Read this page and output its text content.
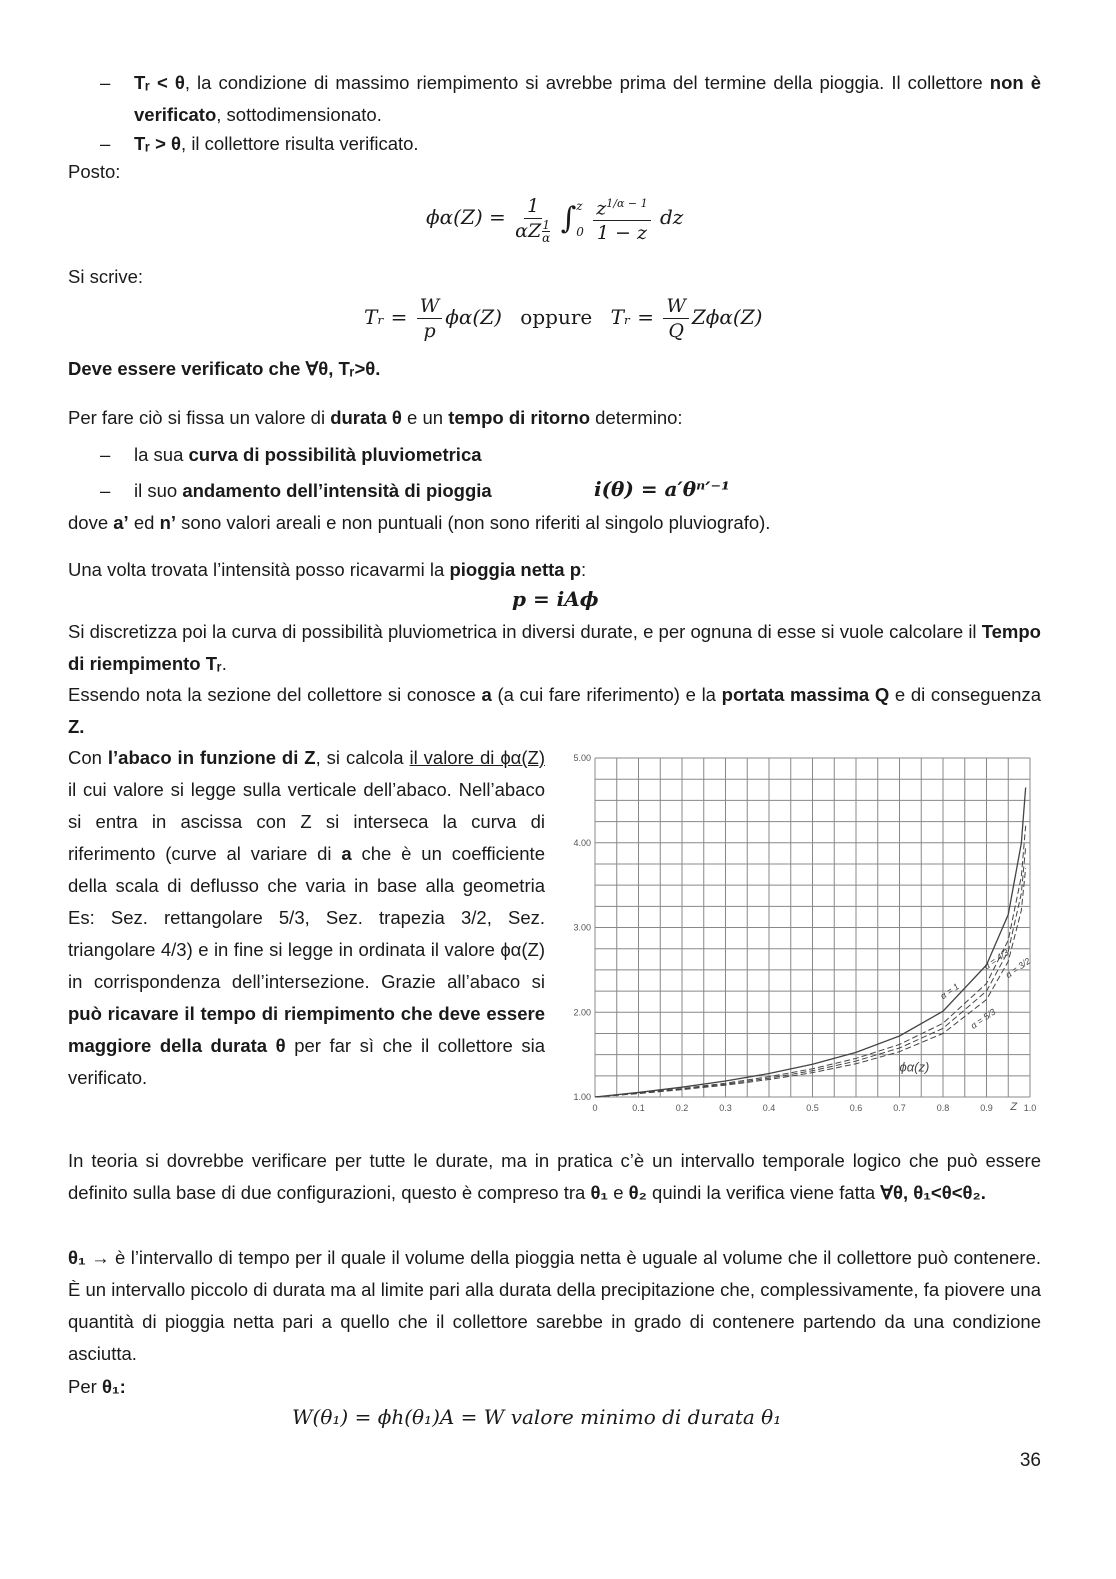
– Tᵣ < θ, la condizione di massimo riempimento si avrebbe prima del termine della pioggia. Il collettore non è verificato, sottodimensionato.
– Tᵣ > θ, il collettore risulta verificato.
Posto:
$\phi\alpha(Z) = \frac{1}{\alpha Z \frac{1}{\alpha}}$ ∫ z
0
$\frac{z^{1/\alpha - 1}}{1 - z}$ dz
Si scrive:
Tᵣ = $\frac{W}{p} \phi\alpha(Z)$ oppure Tᵣ = $\frac{W}{Q} Z\phi\alpha(Z)$
Deve essere verificato che ∀θ, Tᵣ>θ.
Per fare ciò si fissa un valore di durata θ e un tempo di ritorno determino:
– la sua curva di possibilità pluviometrica
– il suo andamento dell’intensità di pioggia	i(θ) = a′θⁿ′⁻¹
dove a’ ed n’ sono valori areali e non puntuali (non sono riferiti al singolo pluviografo).
Una volta trovata l’intensità posso ricavarmi la pioggia netta p:
p = iAϕ
Si discretizza poi la curva di possibilità pluviometrica in diversi durate, e per ognuna di esse si vuole calcolare il Tempo di riempimento Tᵣ.
Essendo nota la sezione del collettore si conosce a (a cui fare riferimento) e la portata massima Q e di conseguenza Z.
Con l’abaco in funzione di Z, si calcola il valore di ϕα(Z) il cui valore si legge sulla verticale dell’abaco. Nell’abaco si entra in ascissa con Z si interseca la curva di riferimento (curve al variare di a che è un coefficiente della scala di deflusso che varia in base alla geometria Es: Sez. rettangolare 5/3, Sez. trapezia 3/2, Sez. triangolare 4/3) e in fine si legge in ordinata il valore ϕα(Z) in corrispondenza dell’intersezione. Grazie all’abaco si può ricavare il tempo di riempimento che deve essere maggiore della durata θ per far sì che il collettore sia verificato.
0	0.1	0.2	0.3	0.4	0.5	0.6	0.7	0.8	0.9	1.0
1.00
2.00
3.00
4.00
5.00
Z
α = 1
α = 4/3
α = 3/2
α = 5/3
ϕα(z)
In teoria si dovrebbe verificare per tutte le durate, ma in pratica c’è un intervallo temporale logico che può essere definito sulla base di due configurazioni, questo è compreso tra θ₁ e θ₂ quindi la verifica viene fatta ∀θ, θ₁<θ<θ₂.
θ₁ → è l’intervallo di tempo per il quale il volume della pioggia netta è uguale al volume che il collettore può contenere. È un intervallo piccolo di durata ma al limite pari alla durata della precipitazione che, complessivamente, fa piovere una quantità di pioggia netta pari a quello che il collettore sarebbe in grado di contenere partendo da una condizione asciutta.
Per θ₁:
W(θ₁) = ϕh(θ₁)A = W valore minimo di durata θ₁
36
